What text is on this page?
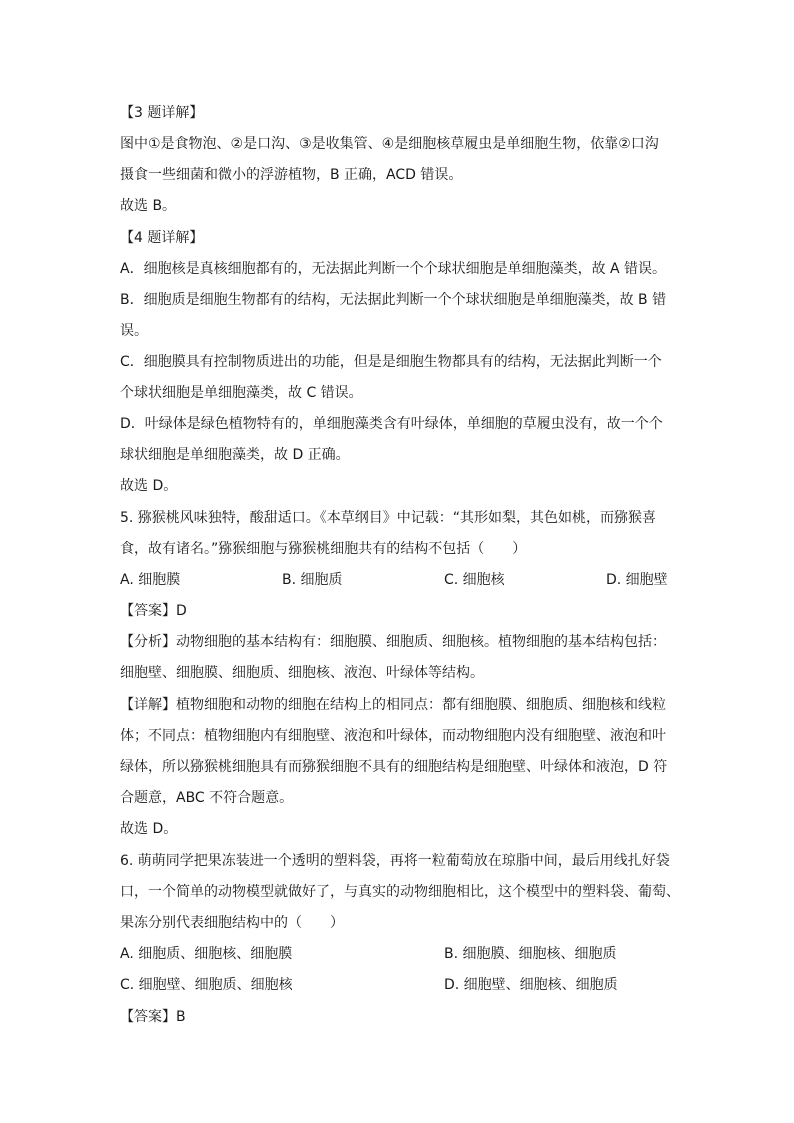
【3 题详解】
图中①是食物泡、②是口沟、③是收集管、④是细胞核草履虫是单细胞生物，依靠②口沟
摄食一些细菌和微小的浮游植物，B 正确，ACD 错误。
故选 B。
【4 题详解】
A．细胞核是真核细胞都有的，无法据此判断一个个球状细胞是单细胞藻类，故 A 错误。
B．细胞质是细胞生物都有的结构，无法据此判断一个个球状细胞是单细胞藻类，故 B 错
误。
C．细胞膜具有控制物质进出的功能，但是是细胞生物都具有的结构，无法据此判断一个
个球状细胞是单细胞藻类，故 C 错误。
D．叶绿体是绿色植物特有的，单细胞藻类含有叶绿体，单细胞的草履虫没有，故一个个
球状细胞是单细胞藻类，故 D 正确。
故选 D。
5. 猕猴桃风味独特，酸甜适口。《本草纲目》中记载：“其形如梨，其色如桃，而猕猴喜
食，故有诸名。”猕猴细胞与猕猴桃细胞共有的结构不包括（　　）
A. 细胞膜	B. 细胞质	C. 细胞核	D. 细胞壁
【答案】D
【分析】动物细胞的基本结构有：细胞膜、细胞质、细胞核。植物细胞的基本结构包括：
细胞壁、细胞膜、细胞质、细胞核、液泡、叶绿体等结构。
【详解】植物细胞和动物的细胞在结构上的相同点：都有细胞膜、细胞质、细胞核和线粒
体；不同点：植物细胞内有细胞壁、液泡和叶绿体，而动物细胞内没有细胞壁、液泡和叶
绿体，所以猕猴桃细胞具有而猕猴细胞不具有的细胞结构是细胞壁、叶绿体和液泡，D 符
合题意，ABC 不符合题意。
故选 D。
6. 萌萌同学把果冻装进一个透明的塑料袋，再将一粒葡萄放在琼脂中间，最后用线扎好袋
口，一个简单的动物模型就做好了，与真实的动物细胞相比，这个模型中的塑料袋、葡萄、
果冻分别代表细胞结构中的（　　）
A. 细胞质、细胞核、细胞膜	B. 细胞膜、细胞核、细胞质
C. 细胞壁、细胞质、细胞核	D. 细胞壁、细胞核、细胞质
【答案】B
